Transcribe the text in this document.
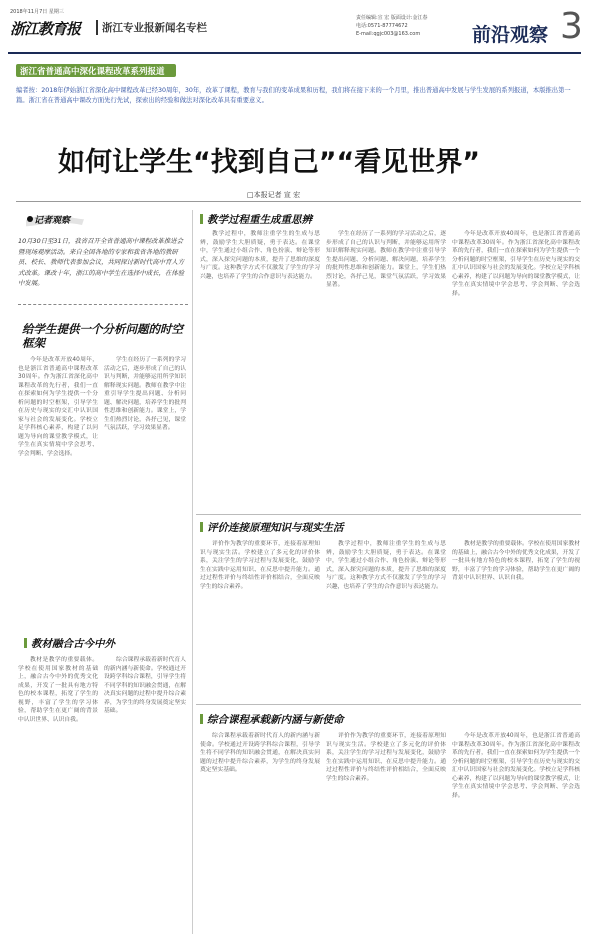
2018年11月7日 星期三
浙江教育报	浙江专业报新闻名专栏
责任编辑:宣 宏 版面设计:金江春
电话:0571-87774672
E-mail:qgjc003@163.com	前沿观察 3
浙江省普通高中深化课程改革系列报道
编者按：2018年伊始浙江省深化高中课程改革已经30周年，30年，改革了课程，教育与我们的变革成果和历程，我们将在接下来的一个月里，推出普通高中发展与学生发展的系列报道，本版推出第一篇。浙江省在普通高中课改方面先行先试，探索出的经验和做法对深化改革具有重要意义。
如何让学生“找到自己”“看见世界”
□本报记者 宣 宏
记者观察
10月30日至31日，我省召开全省普通高中课程改革推进会暨现场观摩活动。来自全国各地的专家和我省各地的教研员、校长、教师代表参加会议，共同探讨新时代高中育人方式改革。课改十年，浙江的高中学生在选择中成长，在体验中发展。
给学生提供一个分析问题的时空框架

今年是改革开放40周年，也是浙江省普通高中课程改革30周年。作为浙江省深化高中课程改革的先行者，我们一直在探索如何为学生提供一个分析问题的时空框架，引导学生在历史与现实的交汇中认识国家与社会的发展变化。学校立足学科核心素养，构建了以问题为导向的课堂教学模式，让学生在真实情境中学会思考、学会判断、学会选择。

学生在经历了一系列的学习活动之后，逐步形成了自己的认识与判断，并能够运用所学知识解释现实问题。教师在教学中注重引导学生提出问题、分析问题、解决问题，培养学生的批判性思维和创新能力。课堂上，学生们热烈讨论，各抒己见，课堂气氛活跃，学习效果显著。

教材融合古今中外

教材是教学的重要载体。学校在使用国家教材的基础上，融合古今中外的优秀文化成果，开发了一批具有地方特色的校本课程，拓宽了学生的视野，丰富了学生的学习体验，帮助学生在更广阔的背景中认识世界、认识自我。

综合课程承载着新时代育人的新内涵与新使命。学校通过开设跨学科综合课程，引导学生将不同学科的知识融会贯通，在解决真实问题的过程中提升综合素养，为学生的终身发展奠定坚实基础。

教学过程重生成重思辨

教学过程中，教师注重学生的生成与思辨，鼓励学生大胆质疑，勇于表达。在课堂中，学生通过小组合作、角色扮演、辩论等形式，深入探究问题的本质，提升了思维的深度与广度。这种教学方式不仅激发了学生的学习兴趣，也培养了学生的合作意识与表达能力。

学生在经历了一系列的学习活动之后，逐步形成了自己的认识与判断，并能够运用所学知识解释现实问题。教师在教学中注重引导学生提出问题、分析问题、解决问题，培养学生的批判性思维和创新能力。课堂上，学生们热烈讨论，各抒己见，课堂气氛活跃，学习效果显著。

今年是改革开放40周年，也是浙江省普通高中课程改革30周年。作为浙江省深化高中课程改革的先行者，我们一直在探索如何为学生提供一个分析问题的时空框架，引导学生在历史与现实的交汇中认识国家与社会的发展变化。学校立足学科核心素养，构建了以问题为导向的课堂教学模式，让学生在真实情境中学会思考、学会判断、学会选择。

评价连接原理知识与现实生活

评价作为教学的重要环节，连接着原理知识与现实生活。学校建立了多元化的评价体系，关注学生的学习过程与发展变化，鼓励学生在实践中运用知识、在反思中提升能力。通过过程性评价与终结性评价相结合，全面反映学生的综合素养。

教学过程中，教师注重学生的生成与思辨，鼓励学生大胆质疑，勇于表达。在课堂中，学生通过小组合作、角色扮演、辩论等形式，深入探究问题的本质，提升了思维的深度与广度。这种教学方式不仅激发了学生的学习兴趣，也培养了学生的合作意识与表达能力。

教材是教学的重要载体。学校在使用国家教材的基础上，融合古今中外的优秀文化成果，开发了一批具有地方特色的校本课程，拓宽了学生的视野，丰富了学生的学习体验，帮助学生在更广阔的背景中认识世界、认识自我。

综合课程承载新内涵与新使命

综合课程承载着新时代育人的新内涵与新使命。学校通过开设跨学科综合课程，引导学生将不同学科的知识融会贯通，在解决真实问题的过程中提升综合素养，为学生的终身发展奠定坚实基础。

评价作为教学的重要环节，连接着原理知识与现实生活。学校建立了多元化的评价体系，关注学生的学习过程与发展变化，鼓励学生在实践中运用知识、在反思中提升能力。通过过程性评价与终结性评价相结合，全面反映学生的综合素养。

今年是改革开放40周年，也是浙江省普通高中课程改革30周年。作为浙江省深化高中课程改革的先行者，我们一直在探索如何为学生提供一个分析问题的时空框架，引导学生在历史与现实的交汇中认识国家与社会的发展变化。学校立足学科核心素养，构建了以问题为导向的课堂教学模式，让学生在真实情境中学会思考、学会判断、学会选择。
